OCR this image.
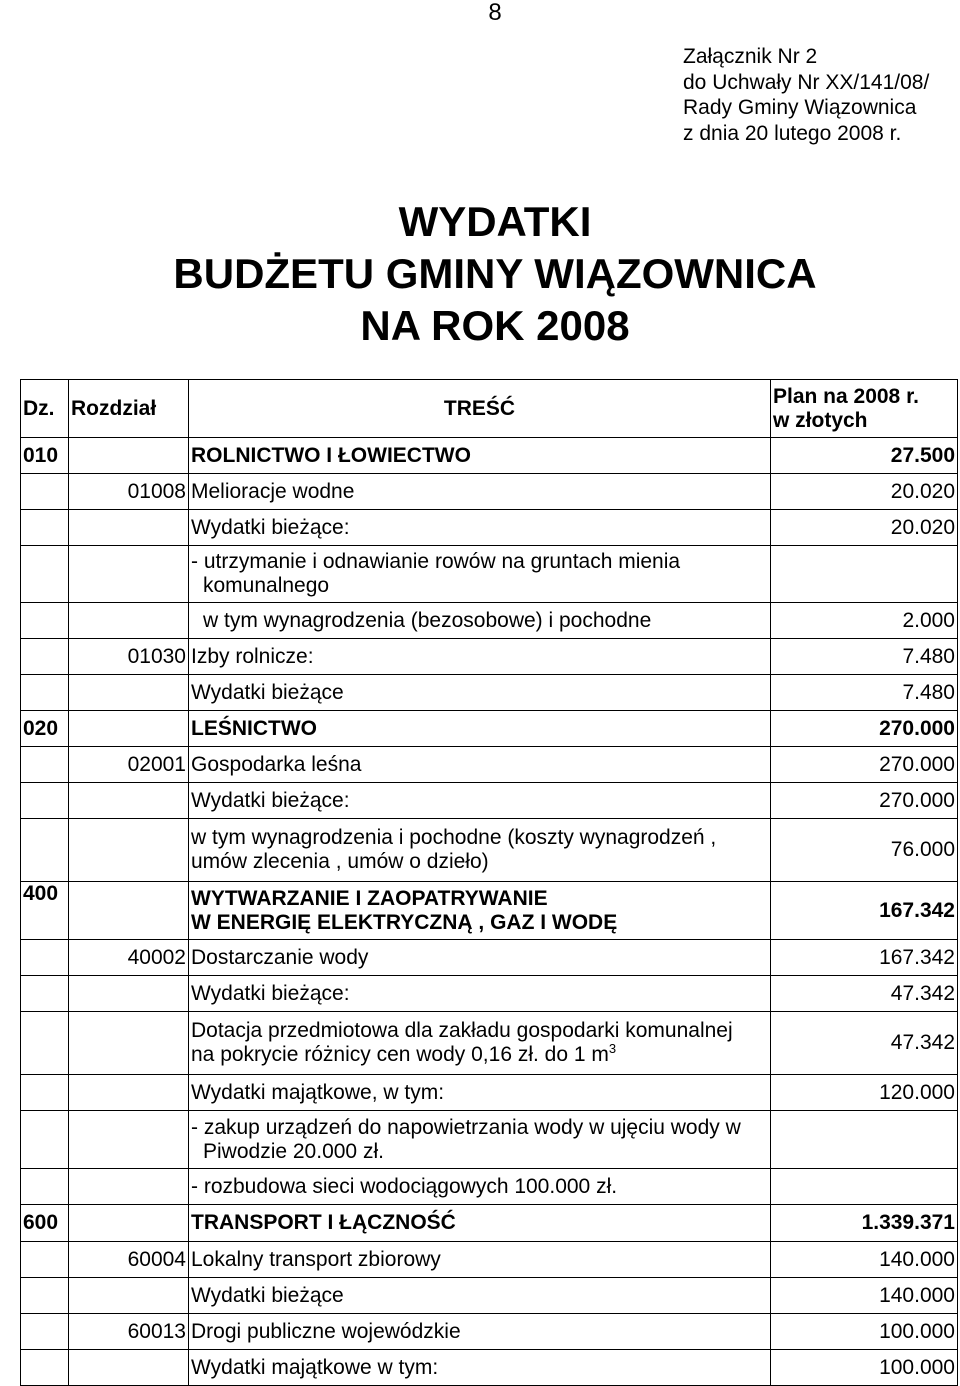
8
Załącznik Nr 2
do Uchwały Nr XX/141/08/
Rady Gminy Wiązownica
z dnia 20 lutego 2008 r.
WYDATKI
BUDŻETU GMINY WIĄZOWNICA
NA ROK 2008
Dz.	Rozdział	TREŚĆ	Plan na 2008 r.
w złotych

010		ROLNICTWO I ŁOWIECTWO	27.500
	01008	Melioracje wodne	20.020
		Wydatki bieżące:	20.020

		- utrzymanie i odnawianie rowów na gruntach mienia
komunalnego	

		w tym wynagrodzenia (bezosobowe) i pochodne	2.000
	01030	Izby rolnicze:	7.480
		Wydatki bieżące	7.480
020		LEŚNICTWO	270.000
	02001	Gospodarka leśna	270.000
		Wydatki bieżące:	270.000

		w tym wynagrodzenia i pochodne (koszty wynagrodzeń ,
umów zlecenia , umów o dzieło)	76.000
400		WYTWARZANIE I ZAOPATRYWANIE
W ENERGIĘ ELEKTRYCZNĄ , GAZ I WODĘ	167.342
	40002	Dostarczanie wody	167.342
		Wydatki bieżące:	47.342

		Dotacja przedmiotowa dla zakładu gospodarki komunalnej
na pokrycie różnicy cen wody 0,16 zł. do 1 $m^3$	47.342
		Wydatki majątkowe, w tym:	120.000

		- zakup urządzeń do napowietrzania wody w ujęciu wody w
Piwodzie 20.000 zł.	

		- rozbudowa sieci wodociągowych 100.000 zł.	
600		TRANSPORT I ŁĄCZNOŚĆ	1.339.371
	60004	Lokalny transport zbiorowy	140.000
		Wydatki bieżące	140.000
	60013	Drogi publiczne wojewódzkie	100.000
		Wydatki majątkowe w tym:	100.000
